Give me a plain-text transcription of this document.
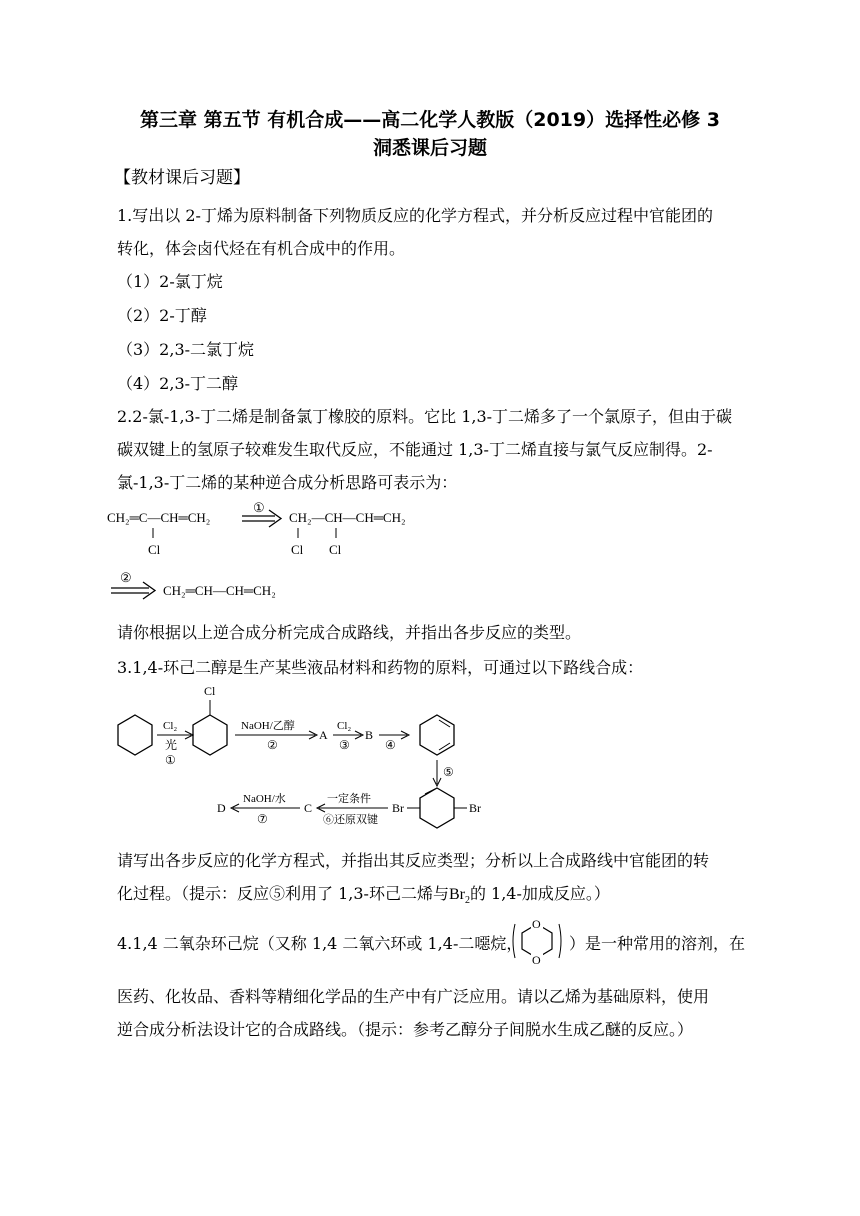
第三章 第五节 有机合成——高二化学人教版（2019）选择性必修 3
洞悉课后习题
【教材课后习题】
1.写出以 2-丁烯为原料制备下列物质反应的化学方程式，并分析反应过程中官能团的
转化，体会卤代烃在有机合成中的作用。
（1）2-氯丁烷
（2）2-丁醇
（3）2,3-二氯丁烷
（4）2,3-丁二醇
2.2-氯-1,3-丁二烯是制备氯丁橡胶的原料。它比 1,3-丁二烯多了一个氯原子，但由于碳
碳双键上的氢原子较难发生取代反应，不能通过 1,3-丁二烯直接与氯气反应制得。2-
氯-1,3-丁二烯的某种逆合成分析思路可表示为：
CH₂═C—CH═CH₂
Cl
①
CH₂—CH—CH═CH₂
Cl Cl
②
CH₂═CH—CH═CH₂
请你根据以上逆合成分析完成合成路线，并指出各步反应的类型。
3.1,4-环己二醇是生产某些液品材料和药物的原料，可通过以下路线合成：
Cl₂
光
①
Cl
NaOH/乙醇
②
A
Cl₂
③
B
④
⑤
Br	Br
一定条件
⑥还原双键
C
NaOH/水
⑦
D
请写出各步反应的化学方程式，并指出其反应类型；分析以上合成路线中官能团的转
化过程。（提示：反应⑤利用了 1,3-环己二烯与$Br_2$的 1,4-加成反应。）
4.1,4 二氧杂环己烷（又称 1,4 二氧六环或 1,4-二噁烷，
O
O
）是一种常用的溶剂，在
医药、化妆品、香料等精细化学品的生产中有广泛应用。请以乙烯为基础原料，使用
逆合成分析法设计它的合成路线。（提示：参考乙醇分子间脱水生成乙醚的反应。）
